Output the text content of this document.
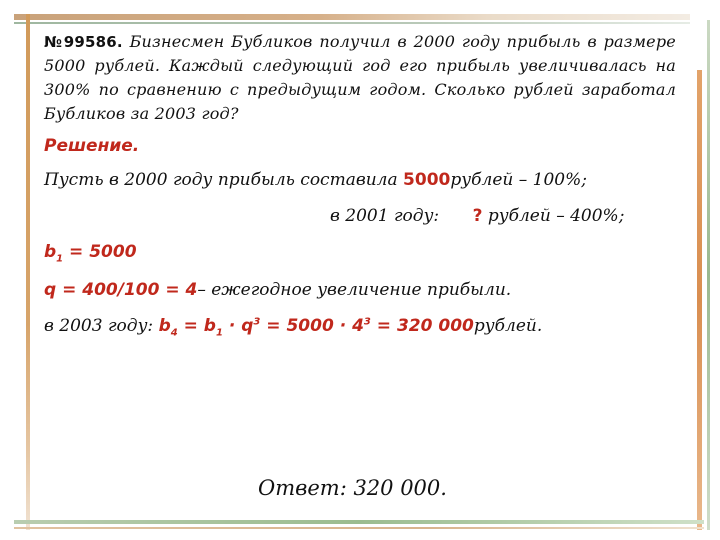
№99586. Бизнесмен Бубликов получил в 2000 году прибыль в размере 5000 рублей. Каждый следующий год его прибыль увеличивалась на 300% по сравнению с предыдущим годом. Сколько рублей заработал Бубликов за 2003 год?
Решение.
Пусть в 2000 году прибыль составила 5000рублей – 100%;
в 2001 году: ? рублей – 400%;
$b_1 = 5000$
q = 400/100 = 4– ежегодное увеличение прибыли.
в 2003 году: $b_4 = b_1 \cdot q^3 = 5000 \cdot 4^3 = 320$ 000рублей.
Ответ: 320 000.
